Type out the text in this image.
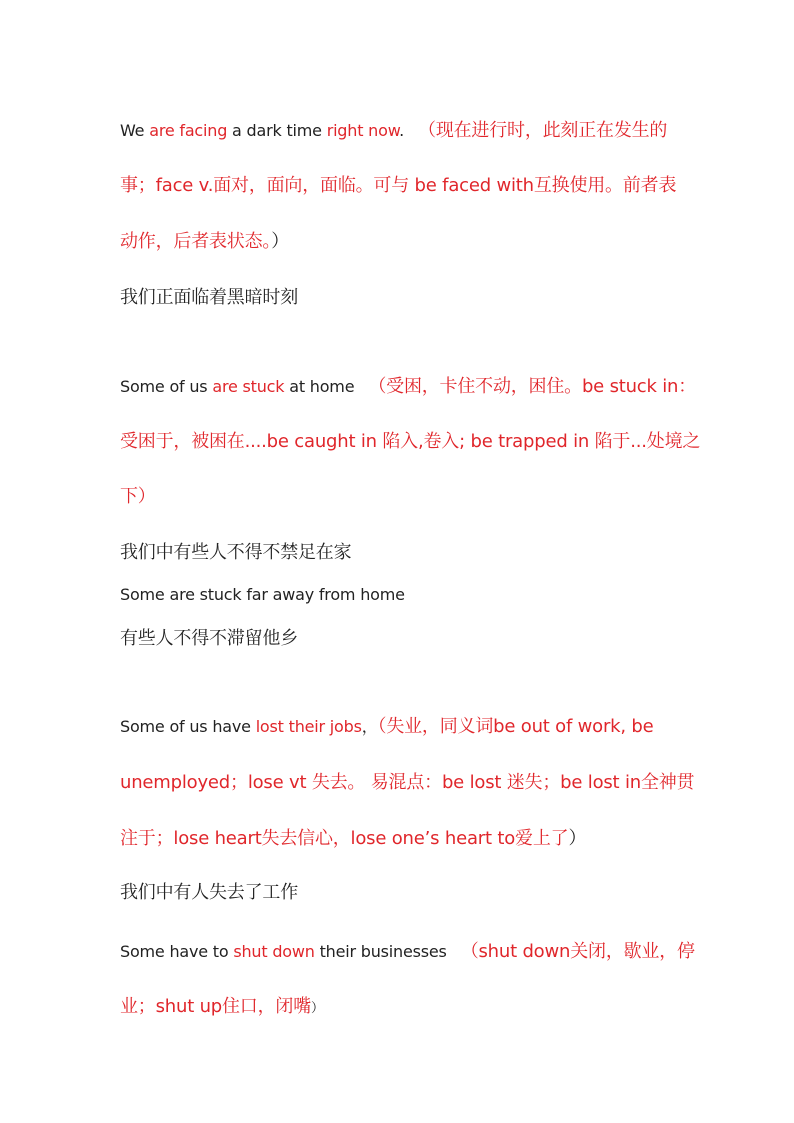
We are facing a dark time right now. （现在进行时，此刻正在发生的
事；face v.面对，面向，面临。可与 be faced with互换使用。前者表
动作，后者表状态。）
我们正面临着黑暗时刻
Some of us are stuck at home （受困，卡住不动，困住。be stuck in：
受困于，被困在....be caught in 陷入,卷入; be trapped in 陷于...处境之
下）
我们中有些人不得不禁足在家
Some are stuck far away from home
有些人不得不滞留他乡
Some of us have lost their jobs，（失业，同义词be out of work, be
unemployed；lose vt 失去。 易混点：be lost 迷失；be lost in全神贯
注于；lose heart失去信心，lose one’s heart to爱上了）
我们中有人失去了工作
Some have to shut down their businesses （shut down关闭，歇业，停
业；shut up住口，闭嘴）
